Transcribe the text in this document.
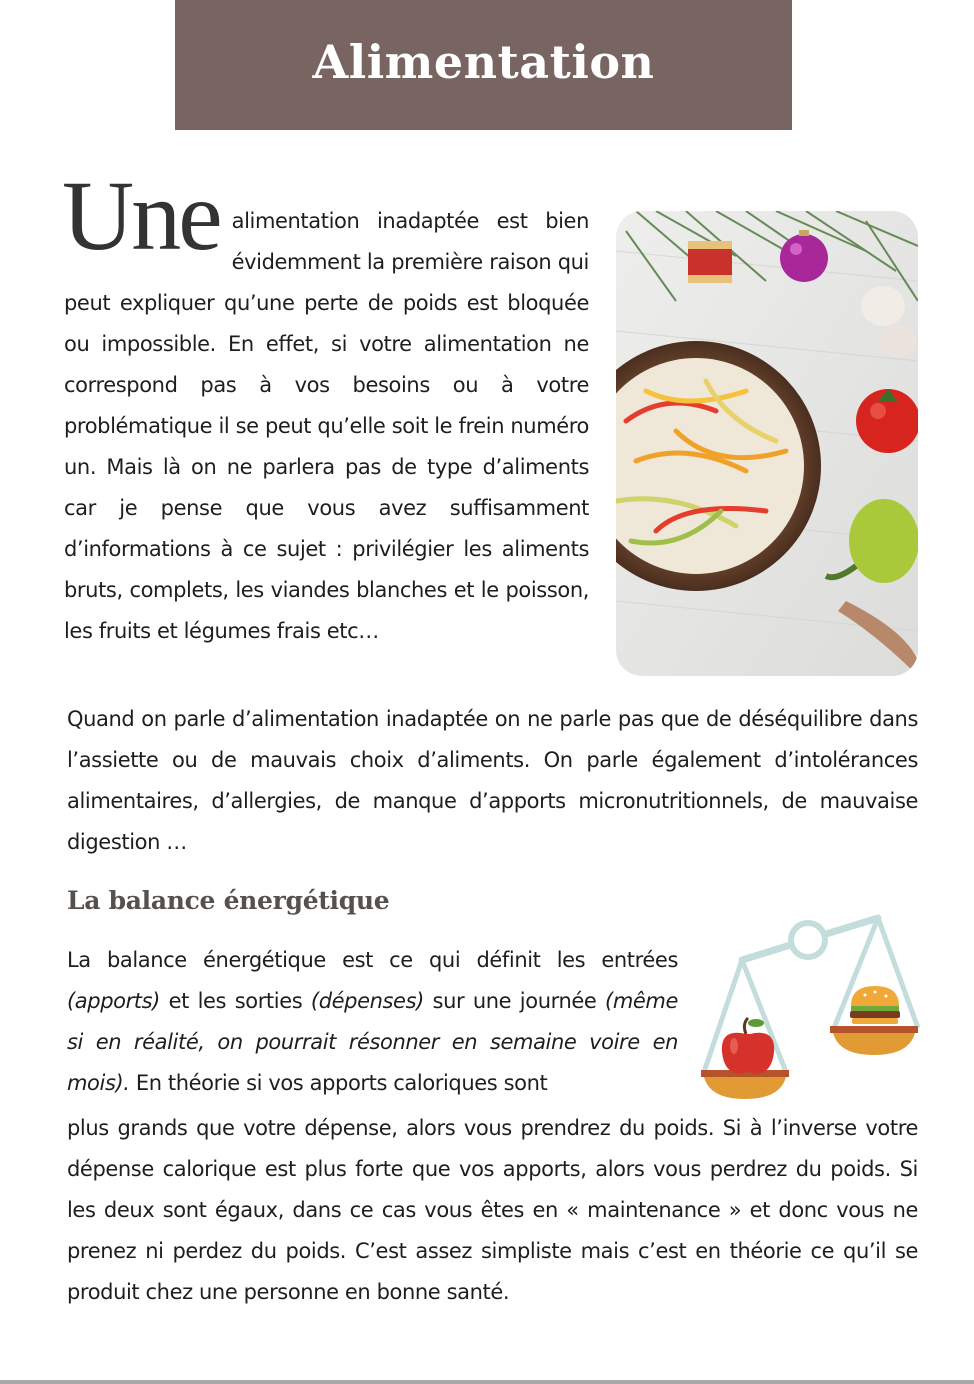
Alimentation inadaptée
Une alimentation inadaptée est bien évidemment la première raison qui peut expliquer qu’une perte de poids est bloquée ou impossible. En effet, si votre alimentation ne correspond pas à vos besoins ou à votre problématique il se peut qu’elle soit le frein numéro un. Mais là on ne parlera pas de type d’aliments car je pense que vous avez suffisamment d’informations à ce sujet : privilégier les aliments bruts, complets, les viandes blanches et le poisson, les fruits et légumes frais etc…

Quand on parle d’alimentation inadaptée on ne parle pas que de déséquilibre dans l’assiette ou de mauvais choix d’aliments. On parle également d’intolérances alimentaires, d’allergies, de manque d’apports micronutritionnels, de mauvaise digestion …

La balance énergétique

La balance énergétique est ce qui définit les entrées (apports) et les sorties (dépenses) sur une journée (même si en réalité, on pourrait résonner en semaine voire en mois). En théorie si vos apports caloriques sont

plus grands que votre dépense, alors vous prendrez du poids. Si à l’inverse votre dépense calorique est plus forte que vos apports, alors vous perdrez du poids. Si les deux sont égaux, dans ce cas vous êtes en « maintenance » et donc vous ne prenez ni perdez du poids. C’est assez simpliste mais c’est en théorie ce qu’il se produit chez une personne en bonne santé.
